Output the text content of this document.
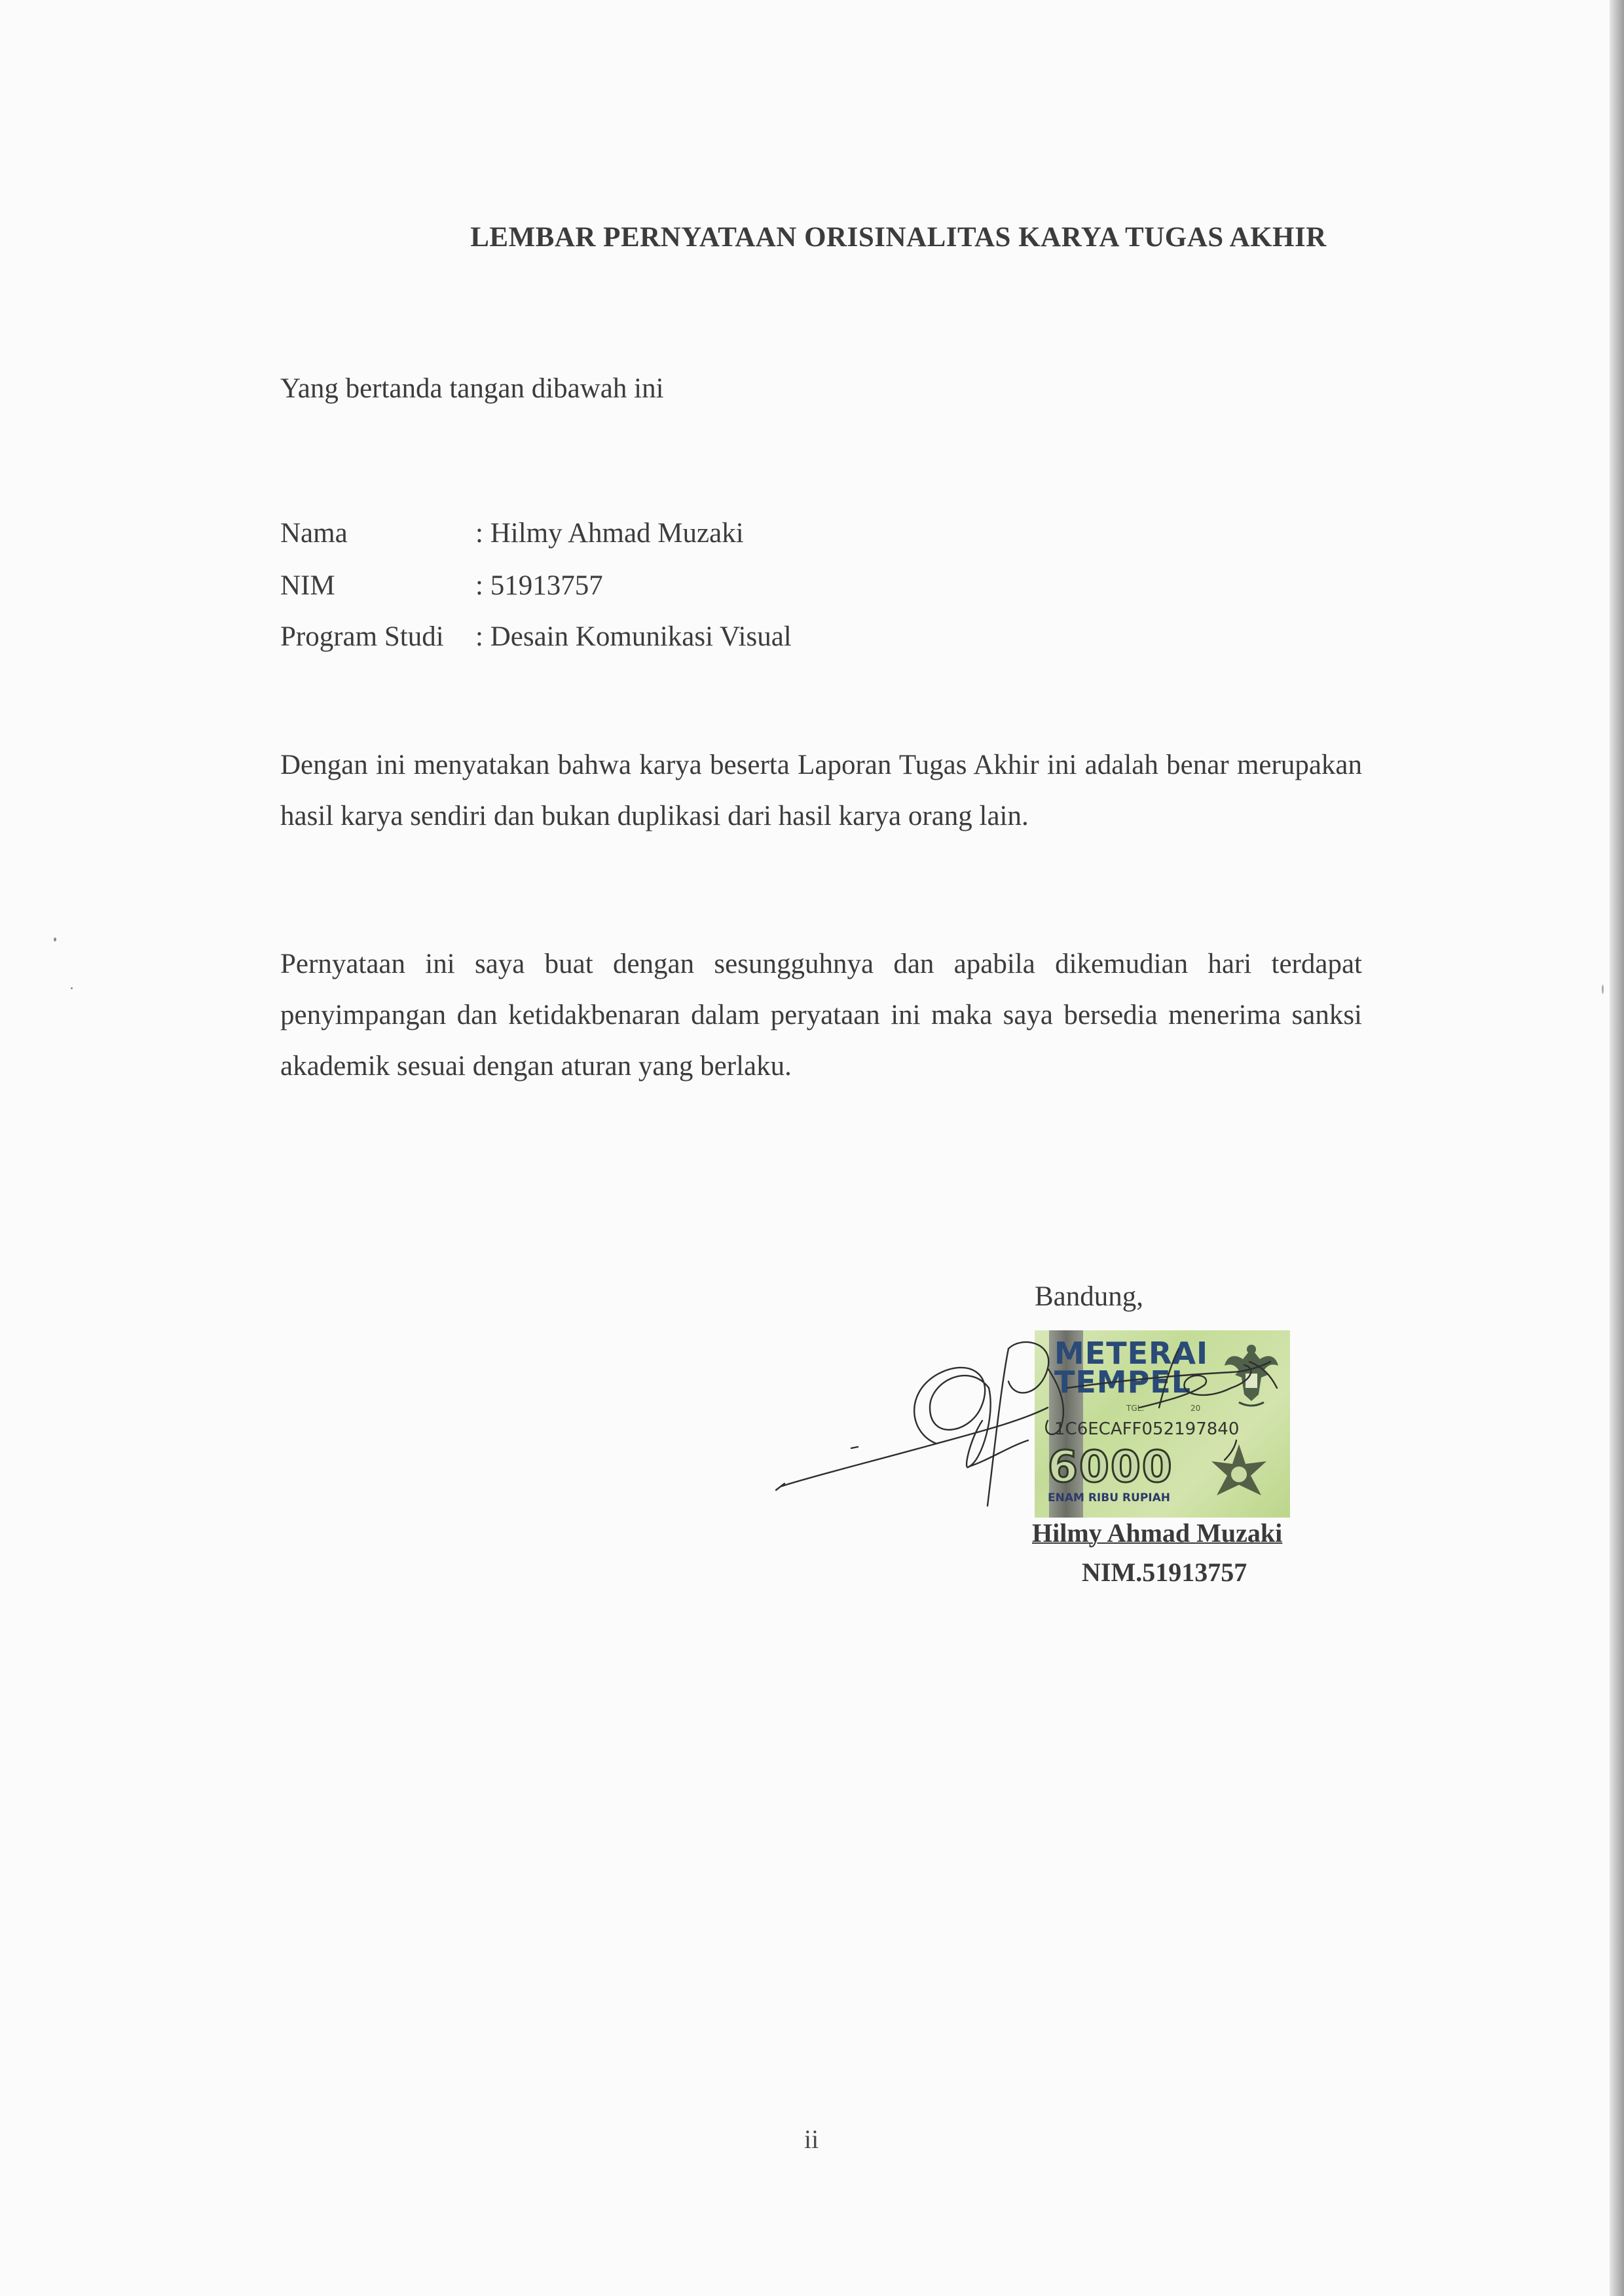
LEMBAR PERNYATAAN ORISINALITAS KARYA TUGAS AKHIR
Yang bertanda tangan dibawah ini
Nama	: Hilmy Ahmad Muzaki
NIM	: 51913757
Program Studi : Desain Komunikasi Visual
Dengan ini menyatakan bahwa karya beserta Laporan Tugas Akhir ini adalah benar merupakan hasil karya sendiri dan bukan duplikasi dari hasil karya orang lain.
Pernyataan ini saya buat dengan sesungguhnya dan apabila dikemudian hari terdapat penyimpangan dan ketidakbenaran dalam peryataan ini maka saya bersedia menerima sanksi akademik sesuai dengan aturan yang berlaku.
Bandung,
METERAI
TEMPEL
TGL.	20
1C6ECAFF052197840
6000
ENAM RIBU RUPIAH
Hilmy Ahmad Muzaki
NIM.51913757
ii
